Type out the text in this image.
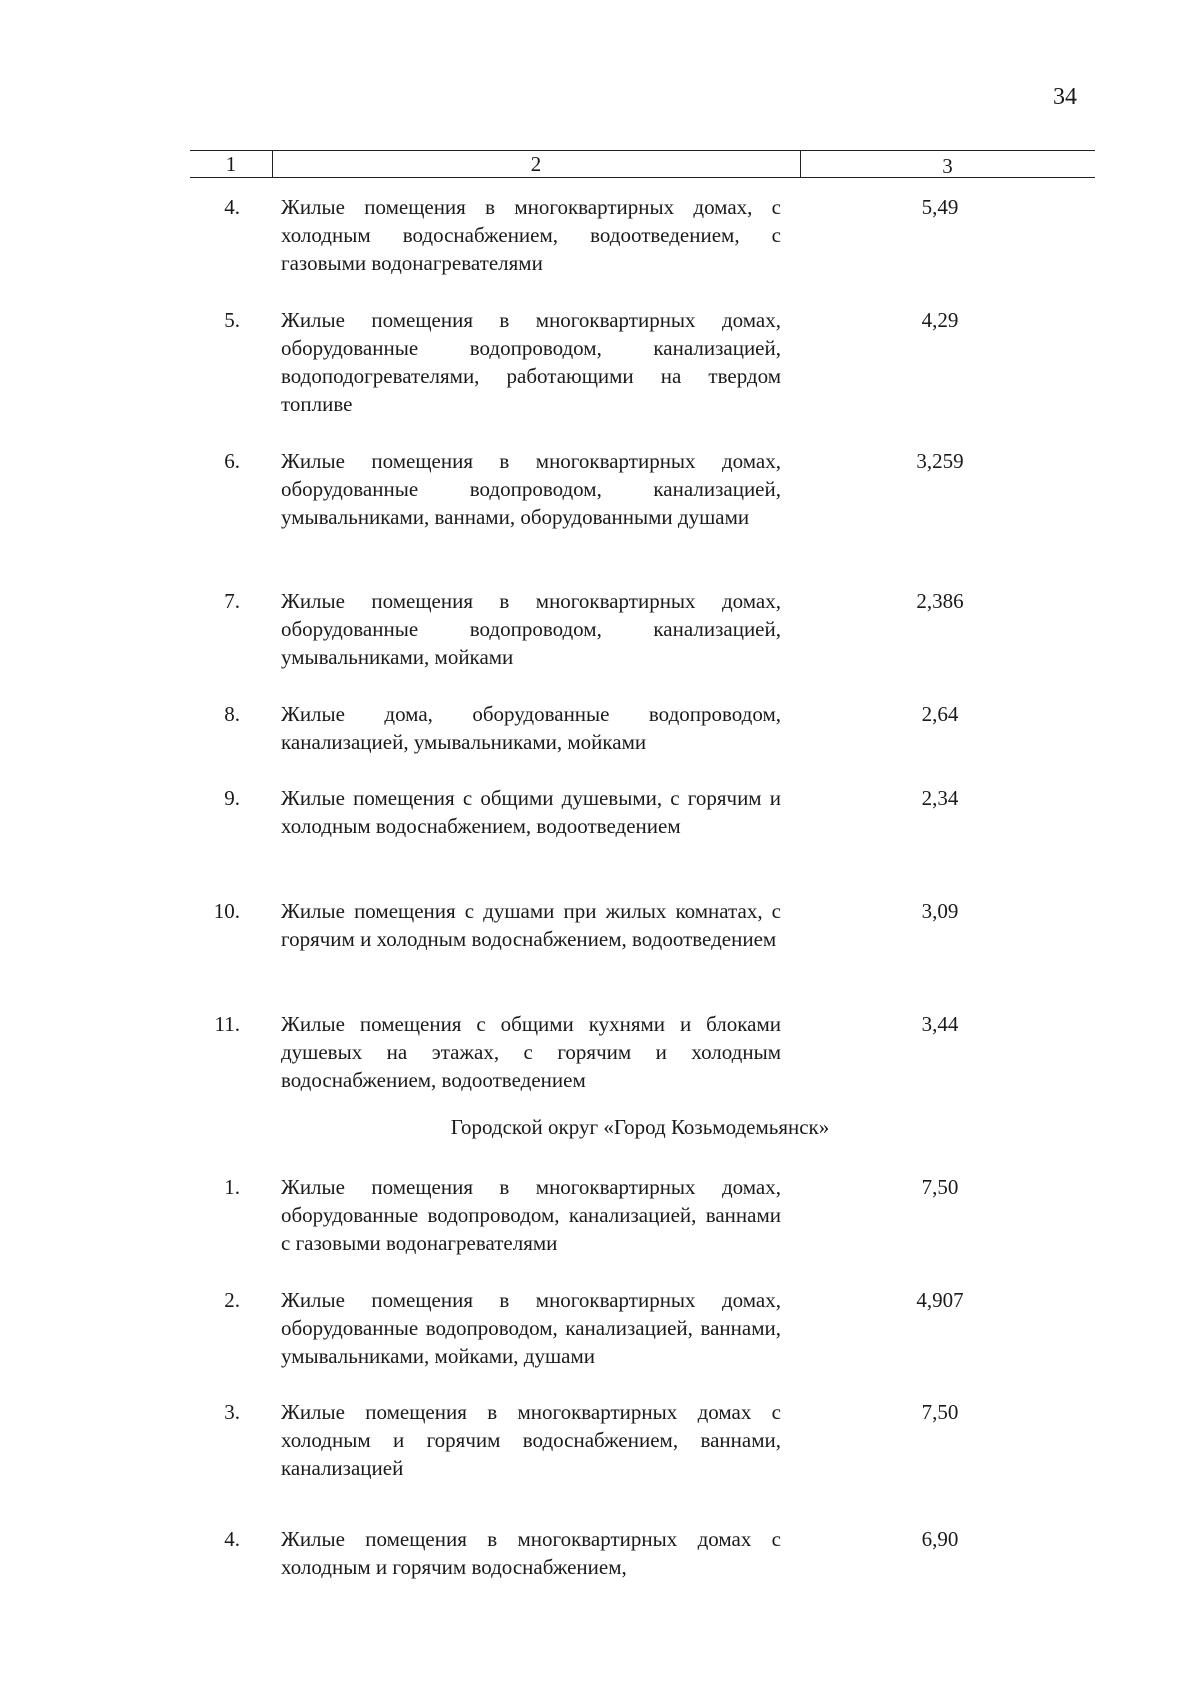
34
1	2	3
4. Жилые помещения в многоквартирных домах, с холодным водоснабжением, водоотведением, с газовыми водонагревателями
5,49
5. Жилые помещения в многоквартирных домах, оборудованные водопроводом, канализацией, водоподогревателями, работающими на твердом топливе
4,29
6. Жилые помещения в многоквартирных домах, оборудованные водопроводом, канализацией, умывальниками, ваннами, оборудованными душами
3,259
7. Жилые помещения в многоквартирных домах, оборудованные водопроводом, канализацией, умывальниками, мойками
2,386
8. Жилые дома, оборудованные водопроводом, канализацией, умывальниками, мойками
2,64
9. Жилые помещения с общими душевыми, с горячим и холодным водоснабжением, водоотведением
2,34
10. Жилые помещения с душами при жилых комнатах, с горячим и холодным водоснабжением, водоотведением
3,09
11. Жилые помещения с общими кухнями и блоками душевых на этажах, с горячим и холодным водоснабжением, водоотведением
3,44
Городской округ «Город Козьмодемьянск»
1. Жилые помещения в многоквартирных домах, оборудованные водопроводом, канализацией, ваннами с газовыми водонагревателями
7,50
2. Жилые помещения в многоквартирных домах, оборудованные водопроводом, канализацией, ваннами, умывальниками, мойками, душами
4,907
3. Жилые помещения в многоквартирных домах с холодным и горячим водоснабжением, ваннами, канализацией
7,50
4. Жилые помещения в многоквартирных домах с холодным и горячим водоснабжением,
6,90
